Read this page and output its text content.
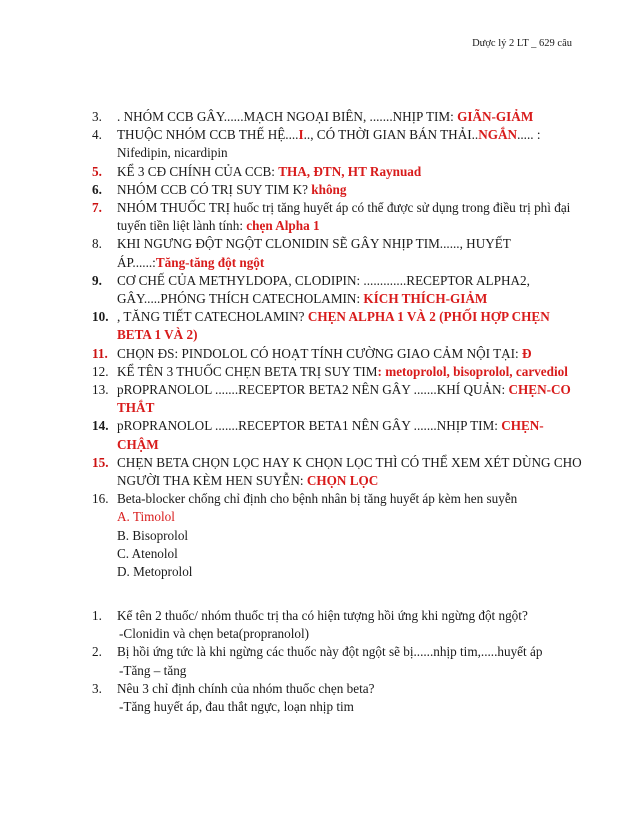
Dược lý 2 LT _ 629 câu
3. . NHÓM CCB GÂY......MẠCH NGOẠI BIÊN, .......NHỊP TIM: GIÃN-GIẢM
4. THUỘC NHÓM CCB THẾ HỆ....I.., CÓ THỜI GIAN BÁN THẢI..NGẮN..... : Nifedipin, nicardipin
5. KỂ 3 CĐ CHÍNH CỦA CCB: THA, ĐTN, HT Raynuad
6. NHÓM CCB CÓ TRỊ SUY TIM K? không
7. NHÓM THUỐC TRỊ huốc trị tăng huyết áp có thể được sử dụng trong điều trị phì đại tuyến tiền liệt lành tính: chẹn Alpha 1
8. KHI NGƯNG ĐỘT NGỘT CLONIDIN SẼ GÂY NHỊP TIM......, HUYẾT ÁP......:Tăng-tăng đột ngột
9. CƠ CHẾ CỦA METHYLDOPA, CLODIPIN: .............RECEPTOR ALPHA2, GÂY.....PHÓNG THÍCH CATECHOLAMIN: KÍCH THÍCH-GIẢM
10. , TĂNG TIẾT CATECHOLAMIN? CHẸN ALPHA 1 VÀ 2 (PHỐI HỢP CHẸN BETA 1 VÀ 2)
11. CHỌN ĐS: PINDOLOL CÓ HOẠT TÍNH CƯỜNG GIAO CẢM NỘI TẠI: Đ
12. KỂ TÊN 3 THUỐC CHẸN BETA TRỊ SUY TIM: metoprolol, bisoprolol, carvediol
13. pROPRANOLOL .......RECEPTOR BETA2 NÊN GÂY .......KHÍ QUẢN: CHẸN-CO THẮT
14. pROPRANOLOL .......RECEPTOR BETA1 NÊN GÂY .......NHỊP TIM: CHẸN-CHẬM
15. CHẸN BETA CHỌN LỌC HAY K CHỌN LỌC THÌ CÓ THỂ XEM XÉT DÙNG CHO NGƯỜI THA KÈM HEN SUYỄN: CHỌN LỌC
16. Beta-blocker chống chỉ định cho bệnh nhân bị tăng huyết áp kèm hen suyễn
A. Timolol
B. Bisoprolol
C. Atenolol
D. Metoprolol
1. Kể tên 2 thuốc/ nhóm thuốc trị tha có hiện tượng hồi ứng khi ngừng đột ngột?
-Clonidin và chẹn beta(propranolol)
2. Bị hồi ứng tức là khi ngừng các thuốc này đột ngột sẽ bị......nhịp tim,.....huyết áp
-Tăng – tăng
3. Nêu 3 chỉ định chính của nhóm thuốc chẹn beta?
-Tăng huyết áp, đau thắt ngực, loạn nhịp tim
